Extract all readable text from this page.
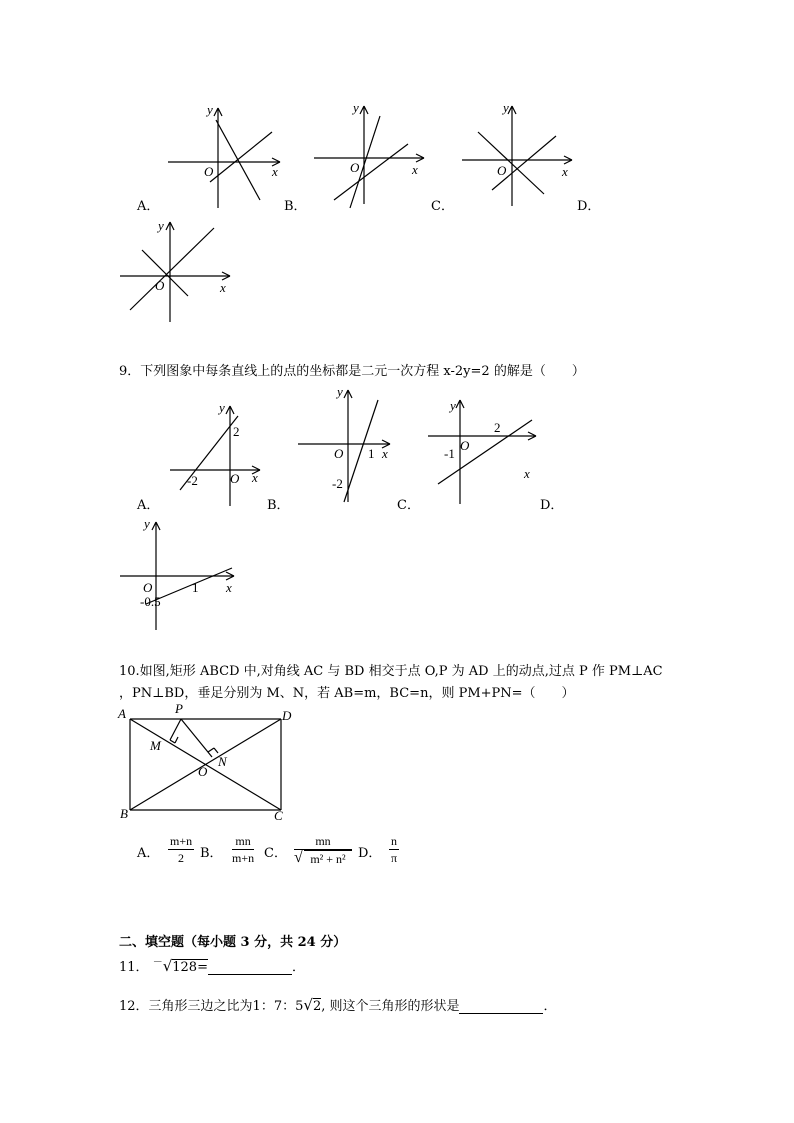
y
x
O
A．
y
x
O
B．
y
x
O
C．	D．
y
x
O
9．下列图象中每条直线上的点的坐标都是二元一次方程 x-2y=2 的解是（　　）
y
x
O
2
-2
A．
y
x
O 1
-2
B．
y
x
O
2
-1
C．	D．
y
x
O	1
-0.5
10.如图,矩形 ABCD 中,对角线 AC 与 BD 相交于点 O,P 为 AD 上的动点,过点 P 作 PM⊥AC
，PN⊥BD，垂足分别为 M、N，若 AB=m，BC=n，则 PM+PN=（　　）
A	D
B	C
P
M
N
O
A． $\frac{m+n}{2}$ B． $\frac{mn}{m+n}$ C． $\frac{mn}{\text{√ m² + n²}}$ D． $\frac{n}{\pi}$
二、填空题（每小题 3 分，共 24 分）
11． －√128=	．
12．三角形三边之比为1：7：5√2, 则这个三角形的形状是	．
